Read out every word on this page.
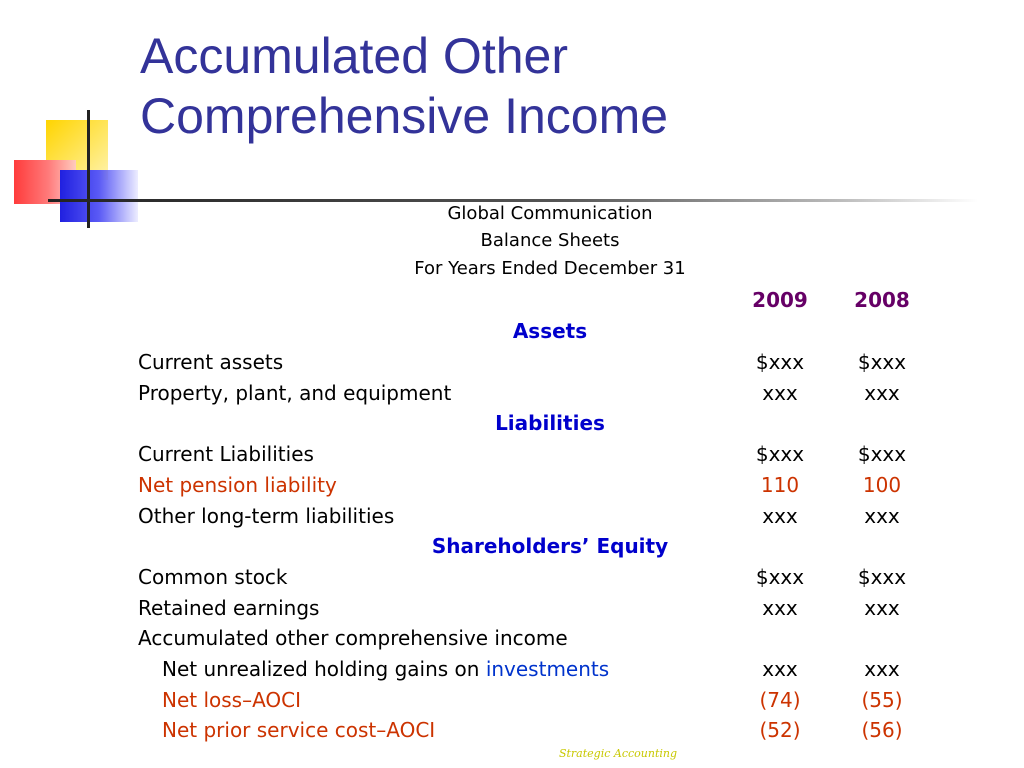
Accumulated Other
Comprehensive Income
Global Communication
Balance Sheets
For Years Ended December 31
2009	2008
Assets
Current assets	$xxx	$xxx
Property, plant, and equipment	xxx	xxx
Liabilities
Current Liabilities	$xxx	$xxx
Net pension liability	110	100
Other long-term liabilities	xxx	xxx
Shareholders’ Equity
Common stock	$xxx	$xxx
Retained earnings	xxx	xxx
Accumulated other comprehensive income
Net unrealized holding gains on investments	xxx	xxx
Net loss–AOCI	(74)	(55)
Net prior service cost–AOCI	(52)	(56)
Strategic Accounting
